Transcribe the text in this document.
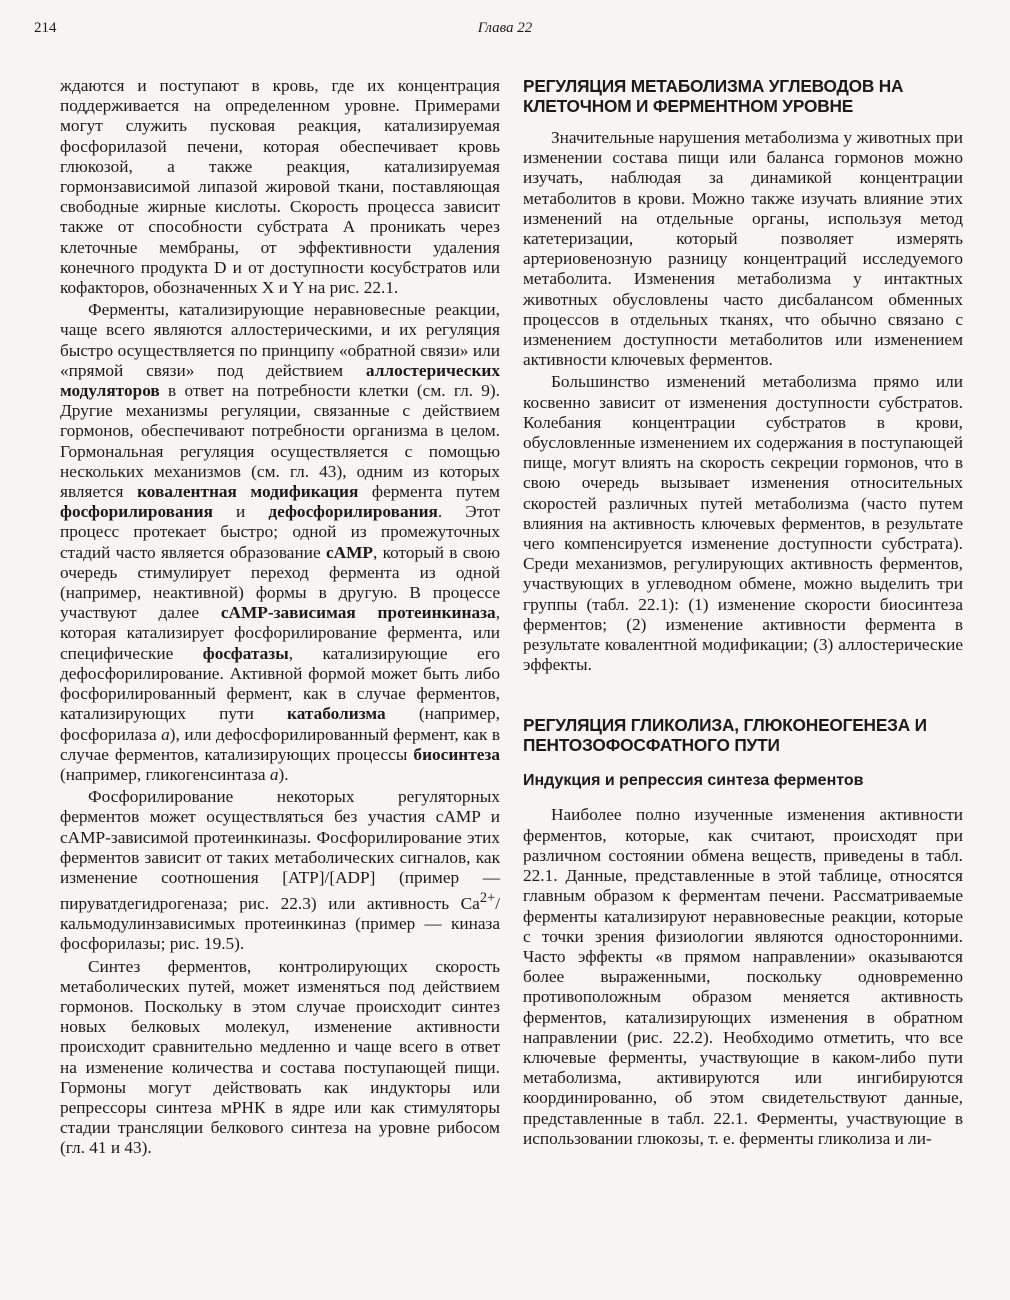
214	Глава 22

ждаются и поступают в кровь, где их концентрация поддерживается на определенном уровне. Примерами могут служить пусковая реакция, катализируемая фосфорилазой печени, которая обеспечивает кровь глюкозой, а также реакция, катализируемая гормонзависимой липазой жировой ткани, поставляющая свободные жирные кислоты. Скорость процесса зависит также от способности субстрата А проникать через клеточные мембраны, от эффективности удаления конечного продукта D и от доступности косубстратов или кофакторов, обозначенных X и Y на рис. 22.1.

Ферменты, катализирующие неравновесные реакции, чаще всего являются аллостерическими, и их регуляция быстро осуществляется по принципу «обратной связи» или «прямой связи» под действием аллостерических модуляторов в ответ на потребности клетки (см. гл. 9). Другие механизмы регуляции, связанные с действием гормонов, обеспечивают потребности организма в целом. Гормональная регуляция осуществляется с помощью нескольких механизмов (см. гл. 43), одним из которых является ковалентная модификация фермента путем фосфорилирования и дефосфорилирования. Этот процесс протекает быстро; одной из промежуточных стадий часто является образование cAMP, который в свою очередь стимулирует переход фермента из одной (например, неактивной) формы в другую. В процессе участвуют далее cAMP-зависимая протеинкиназа, которая катализирует фосфорилирование фермента, или специфические фосфатазы, катализирующие его дефосфорилирование. Активной формой может быть либо фосфорилированный фермент, как в случае ферментов, катализирующих пути катаболизма (например, фосфорилаза a), или дефосфорилированный фермент, как в случае ферментов, катализирующих процессы биосинтеза (например, гликогенсинтаза a).

Фосфорилирование некоторых регуляторных ферментов может осуществляться без участия cAMP и cAMP-зависимой протеинкиназы. Фосфорилирование этих ферментов зависит от таких метаболических сигналов, как изменение соотношения [ATP]/[ADP] (пример — пируватдегидрогеназа; рис. 22.3) или активность $Ca^{2+}$/кальмодулинзависимых протеинкиназ (пример — киназа фосфорилазы; рис. 19.5).

Синтез ферментов, контролирующих скорость метаболических путей, может изменяться под действием гормонов. Поскольку в этом случае происходит синтез новых белковых молекул, изменение активности происходит сравнительно медленно и чаще всего в ответ на изменение количества и состава поступающей пищи. Гормоны могут действовать как индукторы или репрессоры синтеза мРНК в ядре или как стимуляторы стадии трансляции белкового синтеза на уровне рибосом (гл. 41 и 43).

РЕГУЛЯЦИЯ МЕТАБОЛИЗМА УГЛЕВОДОВ НА КЛЕТОЧНОМ И ФЕРМЕНТНОМ УРОВНЕ

Значительные нарушения метаболизма у животных при изменении состава пищи или баланса гормонов можно изучать, наблюдая за динамикой концентрации метаболитов в крови. Можно также изучать влияние этих изменений на отдельные органы, используя метод катетеризации, который позволяет измерять артериовенозную разницу концентраций исследуемого метаболита. Изменения метаболизма у интактных животных обусловлены часто дисбалансом обменных процессов в отдельных тканях, что обычно связано с изменением доступности метаболитов или изменением активности ключевых ферментов.

Большинство изменений метаболизма прямо или косвенно зависит от изменения доступности субстратов. Колебания концентрации субстратов в крови, обусловленные изменением их содержания в поступающей пище, могут влиять на скорость секреции гормонов, что в свою очередь вызывает изменения относительных скоростей различных путей метаболизма (часто путем влияния на активность ключевых ферментов, в результате чего компенсируется изменение доступности субстрата). Среди механизмов, регулирующих активность ферментов, участвующих в углеводном обмене, можно выделить три группы (табл. 22.1): (1) изменение скорости биосинтеза ферментов; (2) изменение активности фермента в результате ковалентной модификации; (3) аллостерические эффекты.

РЕГУЛЯЦИЯ ГЛИКОЛИЗА, ГЛЮКОНЕОГЕНЕЗА И ПЕНТОЗОФОСФАТНОГО ПУТИ
Индукция и репрессия синтеза ферментов

Наиболее полно изученные изменения активности ферментов, которые, как считают, происходят при различном состоянии обмена веществ, приведены в табл. 22.1. Данные, представленные в этой таблице, относятся главным образом к ферментам печени. Рассматриваемые ферменты катализируют неравновесные реакции, которые с точки зрения физиологии являются односторонними. Часто эффекты «в прямом направлении» оказываются более выраженными, поскольку одновременно противоположным образом меняется активность ферментов, катализирующих изменения в обратном направлении (рис. 22.2). Необходимо отметить, что все ключевые ферменты, участвующие в каком-либо пути метаболизма, активируются или ингибируются координированно, об этом свидетельствуют данные, представленные в табл. 22.1. Ферменты, участвующие в использовании глюкозы, т. е. ферменты гликолиза и ли-
